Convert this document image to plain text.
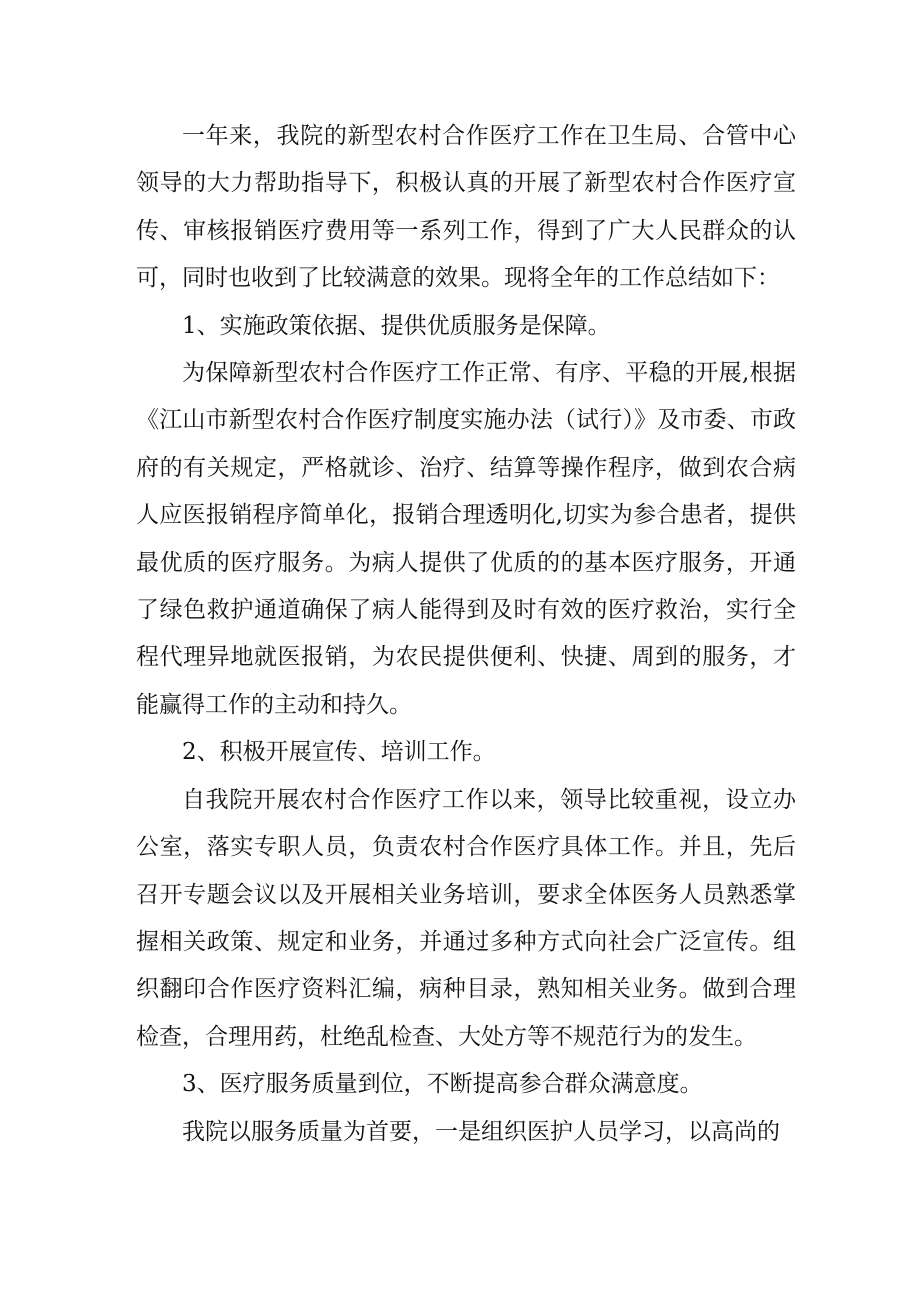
一年来，我院的新型农村合作医疗工作在卫生局、合管中心领导的大力帮助指导下，积极认真的开展了新型农村合作医疗宣传、审核报销医疗费用等一系列工作，得到了广大人民群众的认可，同时也收到了比较满意的效果。现将全年的工作总结如下：

1、实施政策依据、提供优质服务是保障。

为保障新型农村合作医疗工作正常、有序、平稳的开展,根据《江山市新型农村合作医疗制度实施办法（试行）》及市委、市政府的有关规定，严格就诊、治疗、结算等操作程序，做到农合病人应医报销程序简单化，报销合理透明化,切实为参合患者，提供最优质的医疗服务。为病人提供了优质的的基本医疗服务，开通了绿色救护通道确保了病人能得到及时有效的医疗救治，实行全程代理异地就医报销，为农民提供便利、快捷、周到的服务，才能赢得工作的主动和持久。

2、积极开展宣传、培训工作。

自我院开展农村合作医疗工作以来，领导比较重视，设立办公室，落实专职人员，负责农村合作医疗具体工作。并且，先后召开专题会议以及开展相关业务培训，要求全体医务人员熟悉掌握相关政策、规定和业务，并通过多种方式向社会广泛宣传。组织翻印合作医疗资料汇编，病种目录，熟知相关业务。做到合理检查，合理用药，杜绝乱检查、大处方等不规范行为的发生。

3、医疗服务质量到位，不断提高参合群众满意度。

我院以服务质量为首要，一是组织医护人员学习，以高尚的
